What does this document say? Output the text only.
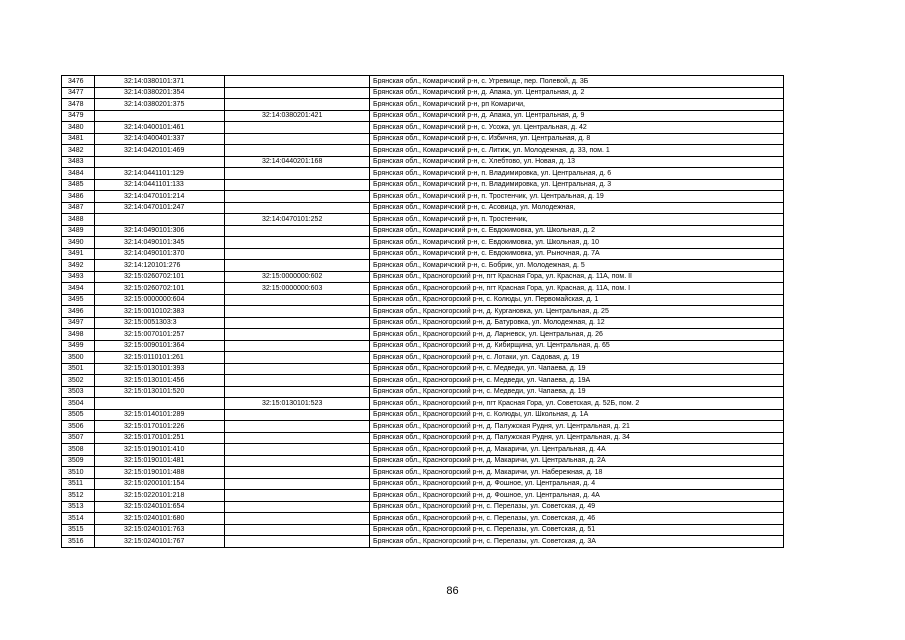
3476	32:14:0380101:371		Брянская обл., Комаричский р-н, с. Угревище, пер. Полевой, д. 3Б
3477	32:14:0380201:354		Брянская обл., Комаричский р-н, д. Апажа, ул. Центральная, д. 2
3478	32:14:0380201:375		Брянская обл., Комаричский р-н, рп Комаричи,
3479		32:14:0380201:421	Брянская обл., Комаричский р-н, д. Апажа, ул. Центральная, д. 9
3480	32:14:0400101:461		Брянская обл., Комаричский р-н, с. Усожа, ул. Центральная, д. 42
3481	32:14:0400401:337		Брянская обл., Комаричский р-н, с. Избичня, ул. Центральная, д. 8
3482	32:14:0420101:469		Брянская обл., Комаричский р-н, с. Литиж, ул. Молодежная, д. 33, пом. 1
3483		32:14:0440201:168	Брянская обл., Комаричский р-н, с. Хлебтово, ул. Новая, д. 13
3484	32:14:0441101:129		Брянская обл., Комаричский р-н, п. Владимировка, ул. Центральная, д. 6
3485	32:14:0441101:133		Брянская обл., Комаричский р-н, п. Владимировка, ул. Центральная, д. 3
3486	32:14:0470101:214		Брянская обл., Комаричский р-н, п. Тростенчик, ул. Центральная, д. 19
3487	32:14:0470101:247		Брянская обл., Комаричский р-н, с. Асовица, ул. Молодежная,
3488		32:14:0470101:252	Брянская обл., Комаричский р-н, п. Тростенчик,
3489	32:14:0490101:306		Брянская обл., Комаричский р-н, с. Евдокимовка, ул. Школьная, д. 2
3490	32:14:0490101:345		Брянская обл., Комаричский р-н, с. Евдокимовка, ул. Школьная, д. 10
3491	32:14:0490101:370		Брянская обл., Комаричский р-н, с. Евдокимовка, ул. Рыночная, д. 7А
3492	32:14:120101:276		Брянская обл., Комаричский р-н, с. Бобрик, ул. Молодежная, д. 5
3493	32:15:0260702:101	32:15:0000000:602	Брянская обл., Красногорский р-н, пгт Красная Гора, ул. Красная, д. 11А, пом. II
3494	32:15:0260702:101	32:15:0000000:603	Брянская обл., Красногорский р-н, пгт Красная Гора, ул. Красная, д. 11А, пом. I
3495	32:15:0000000:604		Брянская обл., Красногорский р-н, с. Колюды, ул. Первомайская, д. 1
3496	32:15:0010102:383		Брянская обл., Красногорский р-н, д. Кургановка, ул. Центральная, д. 25
3497	32:15:0051303:3		Брянская обл., Красногорский р-н, д. Батуровка, ул. Молодежная, д. 12
3498	32:15:0070101:257		Брянская обл., Красногорский р-н, д. Ларневск, ул. Центральная, д. 26
3499	32:15:0090101:364		Брянская обл., Красногорский р-н, д. Кибирщина, ул. Центральная, д. 65
3500	32:15:0110101:261		Брянская обл., Красногорский р-н, с. Лотаки, ул. Садовая, д. 19
3501	32:15:0130101:393		Брянская обл., Красногорский р-н, с. Медведи, ул. Чапаева, д. 19
3502	32:15:0130101:456		Брянская обл., Красногорский р-н, с. Медведи, ул. Чапаева, д. 19А
3503	32:15:0130101:520		Брянская обл., Красногорский р-н, с. Медведи, ул. Чапаева, д. 19
3504		32:15:0130101:523	Брянская обл., Красногорский р-н, пгт Красная Гора, ул. Советская, д. 52Б, пом. 2
3505	32:15:0140101:289		Брянская обл., Красногорский р-н, с. Колюды, ул. Школьная, д. 1А
3506	32:15:0170101:226		Брянская обл., Красногорский р-н, д. Палужская Рудня, ул. Центральная, д. 21
3507	32:15:0170101:251		Брянская обл., Красногорский р-н, д. Палужская Рудня, ул. Центральная, д. 34
3508	32:15:0190101:410		Брянская обл., Красногорский р-н, д. Макаричи, ул. Центральная, д. 4А
3509	32:15:0190101:481		Брянская обл., Красногорский р-н, д. Макаричи, ул. Центральная, д. 2А
3510	32:15:0190101:488		Брянская обл., Красногорский р-н, д. Макаричи, ул. Набережная, д. 18
3511	32:15:0200101:154		Брянская обл., Красногорский р-н, д. Фошное, ул. Центральная, д. 4
3512	32:15:0220101:218		Брянская обл., Красногорский р-н, д. Фошное, ул. Центральная, д. 4А
3513	32:15:0240101:654		Брянская обл., Красногорский р-н, с. Перелазы, ул. Советская, д. 49
3514	32:15:0240101:680		Брянская обл., Красногорский р-н, с. Перелазы, ул. Советская, д. 46
3515	32:15:0240101:763		Брянская обл., Красногорский р-н, с. Перелазы, ул. Советская, д. 51
3516	32:15:0240101:767		Брянская обл., Красногорский р-н, с. Перелазы, ул. Советская, д. 3А
86
